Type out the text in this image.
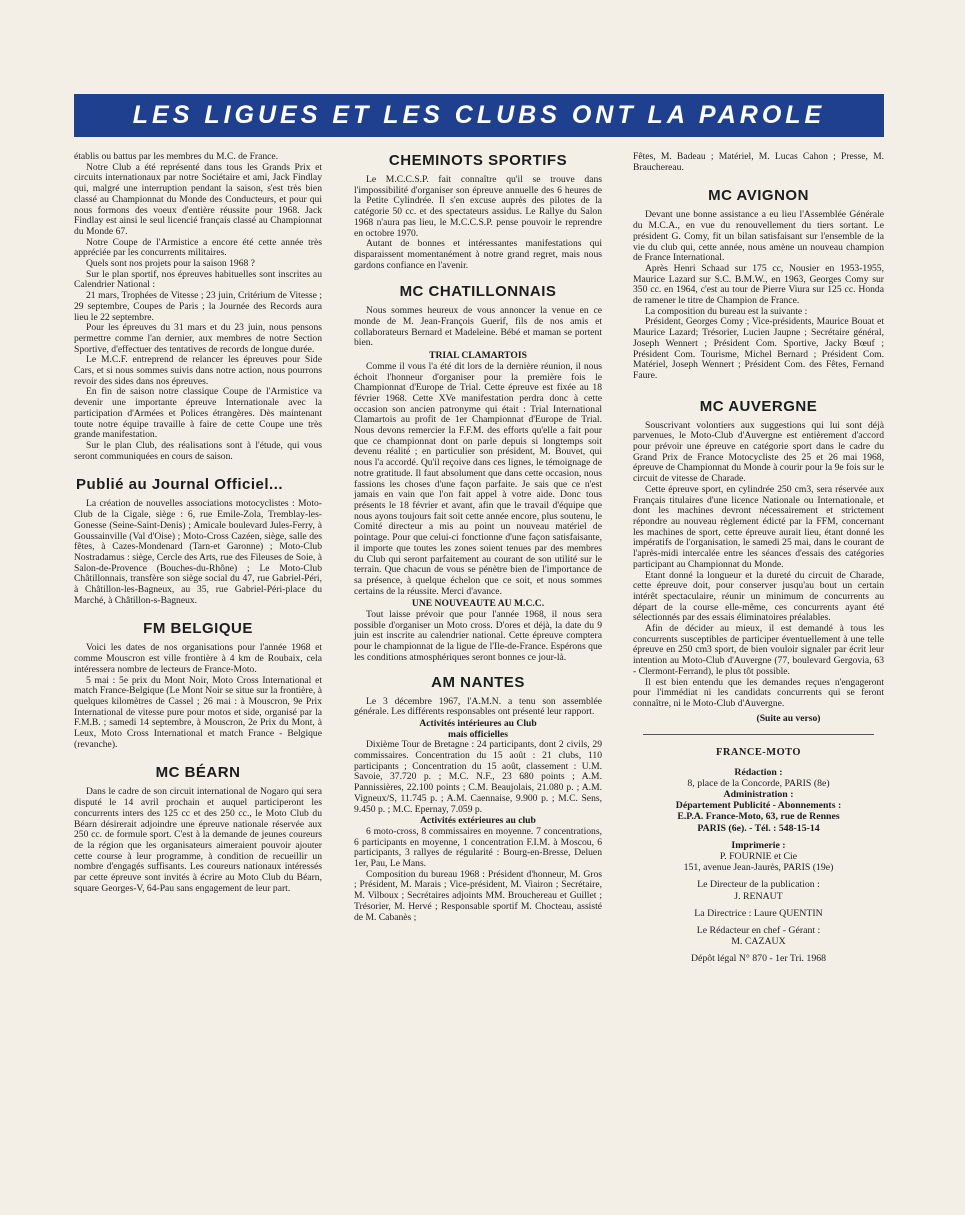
LES LIGUES ET LES CLUBS ONT LA PAROLE

établis ou battus par les membres du M.C. de France.

Notre Club a été représenté dans tous les Grands Prix et circuits internationaux par notre Sociétaire et ami, Jack Findlay qui, malgré une interruption pendant la saison, s'est très bien classé au Championnat du Monde des Conducteurs, et pour qui nous formons des voeux d'entière réussite pour 1968. Jack Findlay est ainsi le seul licencié français classé au Championnat du Monde 67.

Notre Coupe de l'Armistice a encore été cette année très appréciée par les concurrents militaires.

Quels sont nos projets pour la saison 1968 ?

Sur le plan sportif, nos épreuves habituelles sont inscrites au Calendrier National :

21 mars, Trophées de Vitesse ; 23 juin, Critérium de Vitesse ; 29 septembre, Coupes de Paris ; la Journée des Records aura lieu le 22 septembre.

Pour les épreuves du 31 mars et du 23 juin, nous pensons permettre comme l'an dernier, aux membres de notre Section Sportive, d'effectuer des tentatives de records de longue durée.

Le M.C.F. entreprend de relancer les épreuves pour Side Cars, et si nous sommes suivis dans notre action, nous pourrons revoir des sides dans nos épreuves.

En fin de saison notre classique Coupe de l'Armistice va devenir une importante épreuve Internationale avec la participation d'Armées et Polices étrangères. Dès maintenant toute notre équipe travaille à faire de cette Coupe une très grande manifestation.

Sur le plan Club, des réalisations sont à l'étude, qui vous seront communiquées en cours de saison.

Publié au Journal Officiel...

La création de nouvelles associations motocyclistes : Moto-Club de la Cigale, siège : 6, rue Emile-Zola, Tremblay-les-Gonesse (Seine-Saint-Denis) ; Amicale boulevard Jules-Ferry, à Goussainville (Val d'Oise) ; Moto-Cross Cazéen, siège, salle des fêtes, à Cazes-Mondenard (Tarn-et Garonne) ; Moto-Club Nostradamus : siège, Cercle des Arts, rue des Fileuses de Soie, à Salon-de-Provence (Bouches-du-Rhône) ; Le Moto-Club Châtillonnais, transfère son siège social du 47, rue Gabriel-Péri, à Châtillon-les-Bagneux, au 35, rue Gabriel-Péri-place du Marché, à Châtillon-s-Bagneux.

FM BELGIQUE

Voici les dates de nos organisations pour l'année 1968 et comme Mouscron est ville frontière à 4 km de Roubaix, cela intéressera nombre de lecteurs de France-Moto.

5 mai : 5e prix du Mont Noir, Moto Cross International et match France-Belgique (Le Mont Noir se situe sur la frontière, à quelques kilomètres de Cassel ; 26 mai : à Mouscron, 9e Prix International de vitesse pure pour motos et side, organisé par la F.M.B. ; samedi 14 septembre, à Mouscron, 2e Prix du Mont, à Leux, Moto Cross International et match France - Belgique (revanche).

MC BÉARN

Dans le cadre de son circuit international de Nogaro qui sera disputé le 14 avril prochain et auquel participeront les concurrents inters des 125 cc et des 250 cc., le Moto Club du Béarn désirerait adjoindre une épreuve nationale réservée aux 250 cc. de formule sport. C'est à la demande de jeunes coureurs de la région que les organisateurs aimeraient pouvoir ajouter cette course à leur programme, à condition de recueillir un nombre d'engagés suffisants. Les coureurs nationaux intéressés par cette épreuve sont invités à écrire au Moto Club du Béarn, square Georges-V, 64-Pau sans engagement de leur part.

CHEMINOTS SPORTIFS

Le M.C.C.S.P. fait connaître qu'il se trouve dans l'impossibilité d'organiser son épreuve annuelle des 6 heures de la Petite Cylindrée. Il s'en excuse auprès des pilotes de la catégorie 50 cc. et des spectateurs assidus. Le Rallye du Salon 1968 n'aura pas lieu, le M.C.C.S.P. pense pouvoir le reprendre en octobre 1970.

Autant de bonnes et intéressantes manifestations qui disparaissent momentanément à notre grand regret, mais nous gardons confiance en l'avenir.

MC CHATILLONNAIS

Nous sommes heureux de vous annoncer la venue en ce monde de M. Jean-François Guerif, fils de nos amis et collaborateurs Bernard et Madeleine. Bébé et maman se portent bien.

TRIAL CLAMARTOIS

Comme il vous l'a été dit lors de la dernière réunion, il nous échoit l'honneur d'organiser pour la première fois le Championnat d'Europe de Trial. Cette épreuve est fixée au 18 février 1968. Cette XVe manifestation perdra donc à cette occasion son ancien patronyme qui était : Trial International Clamartois au profit de 1er Championnat d'Europe de Trial. Nous devons remercier la F.F.M. des efforts qu'elle a fait pour que ce championnat dont on parle depuis si longtemps soit devenu réalité ; en particulier son président, M. Bouvet, qui nous l'a accordé. Qu'il reçoive dans ces lignes, le témoignage de notre gratitude. Il faut absolument que dans cette occasion, nous fassions les choses d'une façon parfaite. Je sais que ce n'est jamais en vain que l'on fait appel à votre aide. Donc tous présents le 18 février et avant, afin que le travail d'équipe que nous ayons toujours fait soit cette année encore, plus soutenu, le Comité directeur a mis au point un nouveau matériel de pointage. Pour que celui-ci fonctionne d'une façon satisfaisante, il importe que toutes les zones soient tenues par des membres du Club qui seront parfaitement au courant de son utilité sur le terrain. Que chacun de vous se pénètre bien de l'importance de sa présence, à quelque échelon que ce soit, et nous sommes certains de la réussite. Merci d'avance.

UNE NOUVEAUTE AU M.C.C.

Tout laisse prévoir que pour l'année 1968, il nous sera possible d'organiser un Moto cross. D'ores et déjà, la date du 9 juin est inscrite au calendrier national. Cette épreuve comptera pour le championnat de la ligue de l'Ile-de-France. Espérons que les conditions atmosphériques seront bonnes ce jour-là.

AM NANTES

Le 3 décembre 1967, l'A.M.N. a tenu son assemblée générale. Les différents responsables ont présenté leur rapport.

Activités intérieures au Club
mais officielles

Dixième Tour de Bretagne : 24 participants, dont 2 civils, 29 commissaires. Concentration du 15 août : 21 clubs, 110 participants ; Concentration du 15 août, classement : U.M. Savoie, 37.720 p. ; M.C. N.F., 23 680 points ; A.M. Pannissières, 22.100 points ; C.M. Beaujolais, 21.080 p. ; A.M. Vigneux/S, 11.745 p. ; A.M. Caennaise, 9.900 p. ; M.C. Sens, 9.450 p. ; M.C. Epernay, 7.059 p.

Activités extérieures au club

6 moto-cross, 8 commissaires en moyenne. 7 concentrations, 6 participants en moyenne, 1 concentration F.I.M. à Moscou, 6 participants, 3 rallyes de régularité : Bourg-en-Bresse, Deluen 1er, Pau, Le Mans.

Composition du bureau 1968 : Président d'honneur, M. Gros ; Président, M. Marais ; Vice-président, M. Viairon ; Secrétaire, M. Vilboux ; Secrétaires adjoints MM. Brouchereau et Guillet ; Trésorier, M. Hervé ; Responsable sportif M. Chocteau, assisté de M. Cabanès ;

Fêtes, M. Badeau ; Matériel, M. Lucas Cahon ; Presse, M. Brauchereau.

MC AVIGNON

Devant une bonne assistance a eu lieu l'Assemblée Générale du M.C.A., en vue du renouvellement du tiers sortant. Le président G. Comy, fit un bilan satisfaisant sur l'ensemble de la vie du club qui, cette année, nous amène un nouveau champion de France International.

Après Henri Schaad sur 175 cc, Nousier en 1953-1955, Maurice Lazard sur S.C. B.M.W., en 1963, Georges Comy sur 350 cc. en 1964, c'est au tour de Pierre Viura sur 125 cc. Honda de ramener le titre de Champion de France.

La composition du bureau est la suivante :

Président, Georges Comy ; Vice-présidents, Maurice Bouat et Maurice Lazard; Trésorier, Lucien Jaupne ; Secrétaire général, Joseph Wennert ; Président Com. Sportive, Jacky Bœuf ; Président Com. Tourisme, Michel Bernard ; Président Com. Matériel, Joseph Wennert ; Président Com. des Fêtes, Fernand Faure.

MC AUVERGNE

Souscrivant volontiers aux suggestions qui lui sont déjà parvenues, le Moto-Club d'Auvergne est entièrement d'accord pour prévoir une épreuve en catégorie sport dans le cadre du Grand Prix de France Motocycliste des 25 et 26 mai 1968, épreuve de Championnat du Monde à courir pour la 9e fois sur le circuit de vitesse de Charade.

Cette épreuve sport, en cylindrée 250 cm3, sera réservée aux Français titulaires d'une licence Nationale ou Internationale, et dont les machines devront nécessairement et strictement répondre au nouveau règlement édicté par la FFM, concernant les machines de sport, cette épreuve aurait lieu, étant donné les impératifs de l'organisation, le samedi 25 mai, dans le courant de l'après-midi intercalée entre les séances d'essais des catégories participant au Championnat du Monde.

Etant donné la longueur et la dureté du circuit de Charade, cette épreuve doit, pour conserver jusqu'au bout un certain intérêt spectaculaire, réunir un minimum de concurrents au départ de la course elle-même, ces concurrents ayant été sélectionnés par des essais éliminatoires préalables.

Afin de décider au mieux, il est demandé à tous les concurrents susceptibles de participer éventuellement à une telle épreuve en 250 cm3 sport, de bien vouloir signaler par écrit leur intention au Moto-Club d'Auvergne (77, boulevard Gergovia, 63 - Clermont-Ferrand), le plus tôt possible.

Il est bien entendu que les demandes reçues n'engageront pour l'immédiat ni les candidats concurrents qui se feront connaître, ni le Moto-Club d'Auvergne.

(Suite au verso)
FRANCE-MOTO
Rédaction :
8, place de la Concorde, PARIS (8e)
Administration :
Département Publicité - Abonnements :
E.P.A. France-Moto, 63, rue de Rennes
PARIS (6e). - Tél. : 548-15-14
Imprimerie :
P. FOURNIE et Cie
151, avenue Jean-Jaurès, PARIS (19e)
Le Directeur de la publication :
J. RENAUT
La Directrice : Laure QUENTIN
Le Rédacteur en chef - Gérant :
M. CAZAUX
Dépôt légal N° 870 - 1er Tri. 1968
